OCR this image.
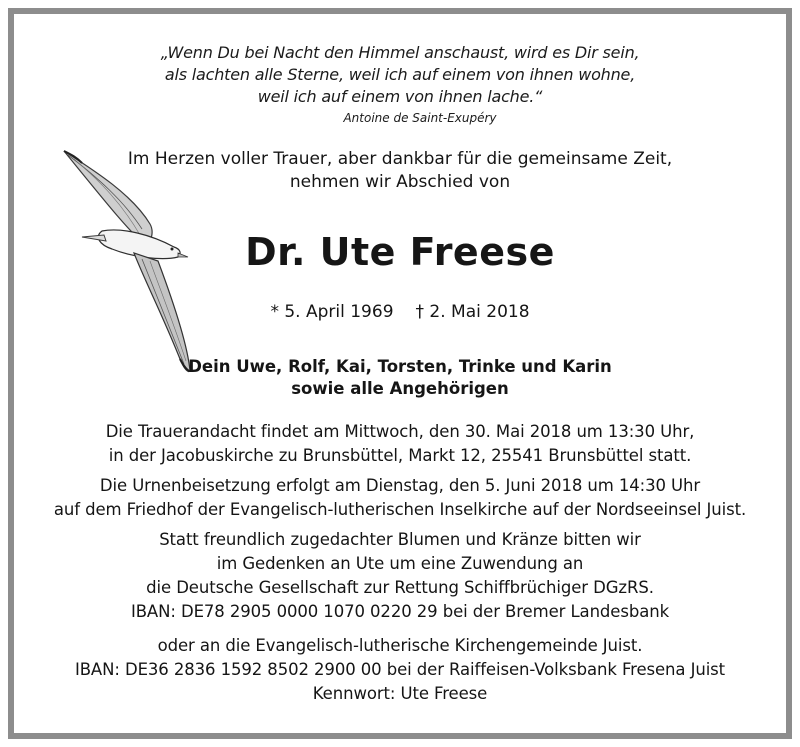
„Wenn Du bei Nacht den Himmel anschaust, wird es Dir sein,
als lachten alle Sterne, weil ich auf einem von ihnen wohne,
weil ich auf einem von ihnen lache.“
Antoine de Saint-Exupéry
Im Herzen voller Trauer, aber dankbar für die gemeinsame Zeit,
nehmen wir Abschied von
Dr. Ute Freese
* 5. April 1969 † 2. Mai 2018
Dein Uwe, Rolf, Kai, Torsten, Trinke und Karin
sowie alle Angehörigen
Die Trauerandacht findet am Mittwoch, den 30. Mai 2018 um 13:30 Uhr,
in der Jacobuskirche zu Brunsbüttel, Markt 12, 25541 Brunsbüttel statt.
Die Urnenbeisetzung erfolgt am Dienstag, den 5. Juni 2018 um 14:30 Uhr
auf dem Friedhof der Evangelisch-lutherischen Inselkirche auf der Nordseeinsel Juist.
Statt freundlich zugedachter Blumen und Kränze bitten wir
im Gedenken an Ute um eine Zuwendung an
die Deutsche Gesellschaft zur Rettung Schiffbrüchiger DGzRS.
IBAN: DE78 2905 0000 1070 0220 29 bei der Bremer Landesbank
oder an die Evangelisch-lutherische Kirchengemeinde Juist.
IBAN: DE36 2836 1592 8502 2900 00 bei der Raiffeisen-Volksbank Fresena Juist
Kennwort: Ute Freese
